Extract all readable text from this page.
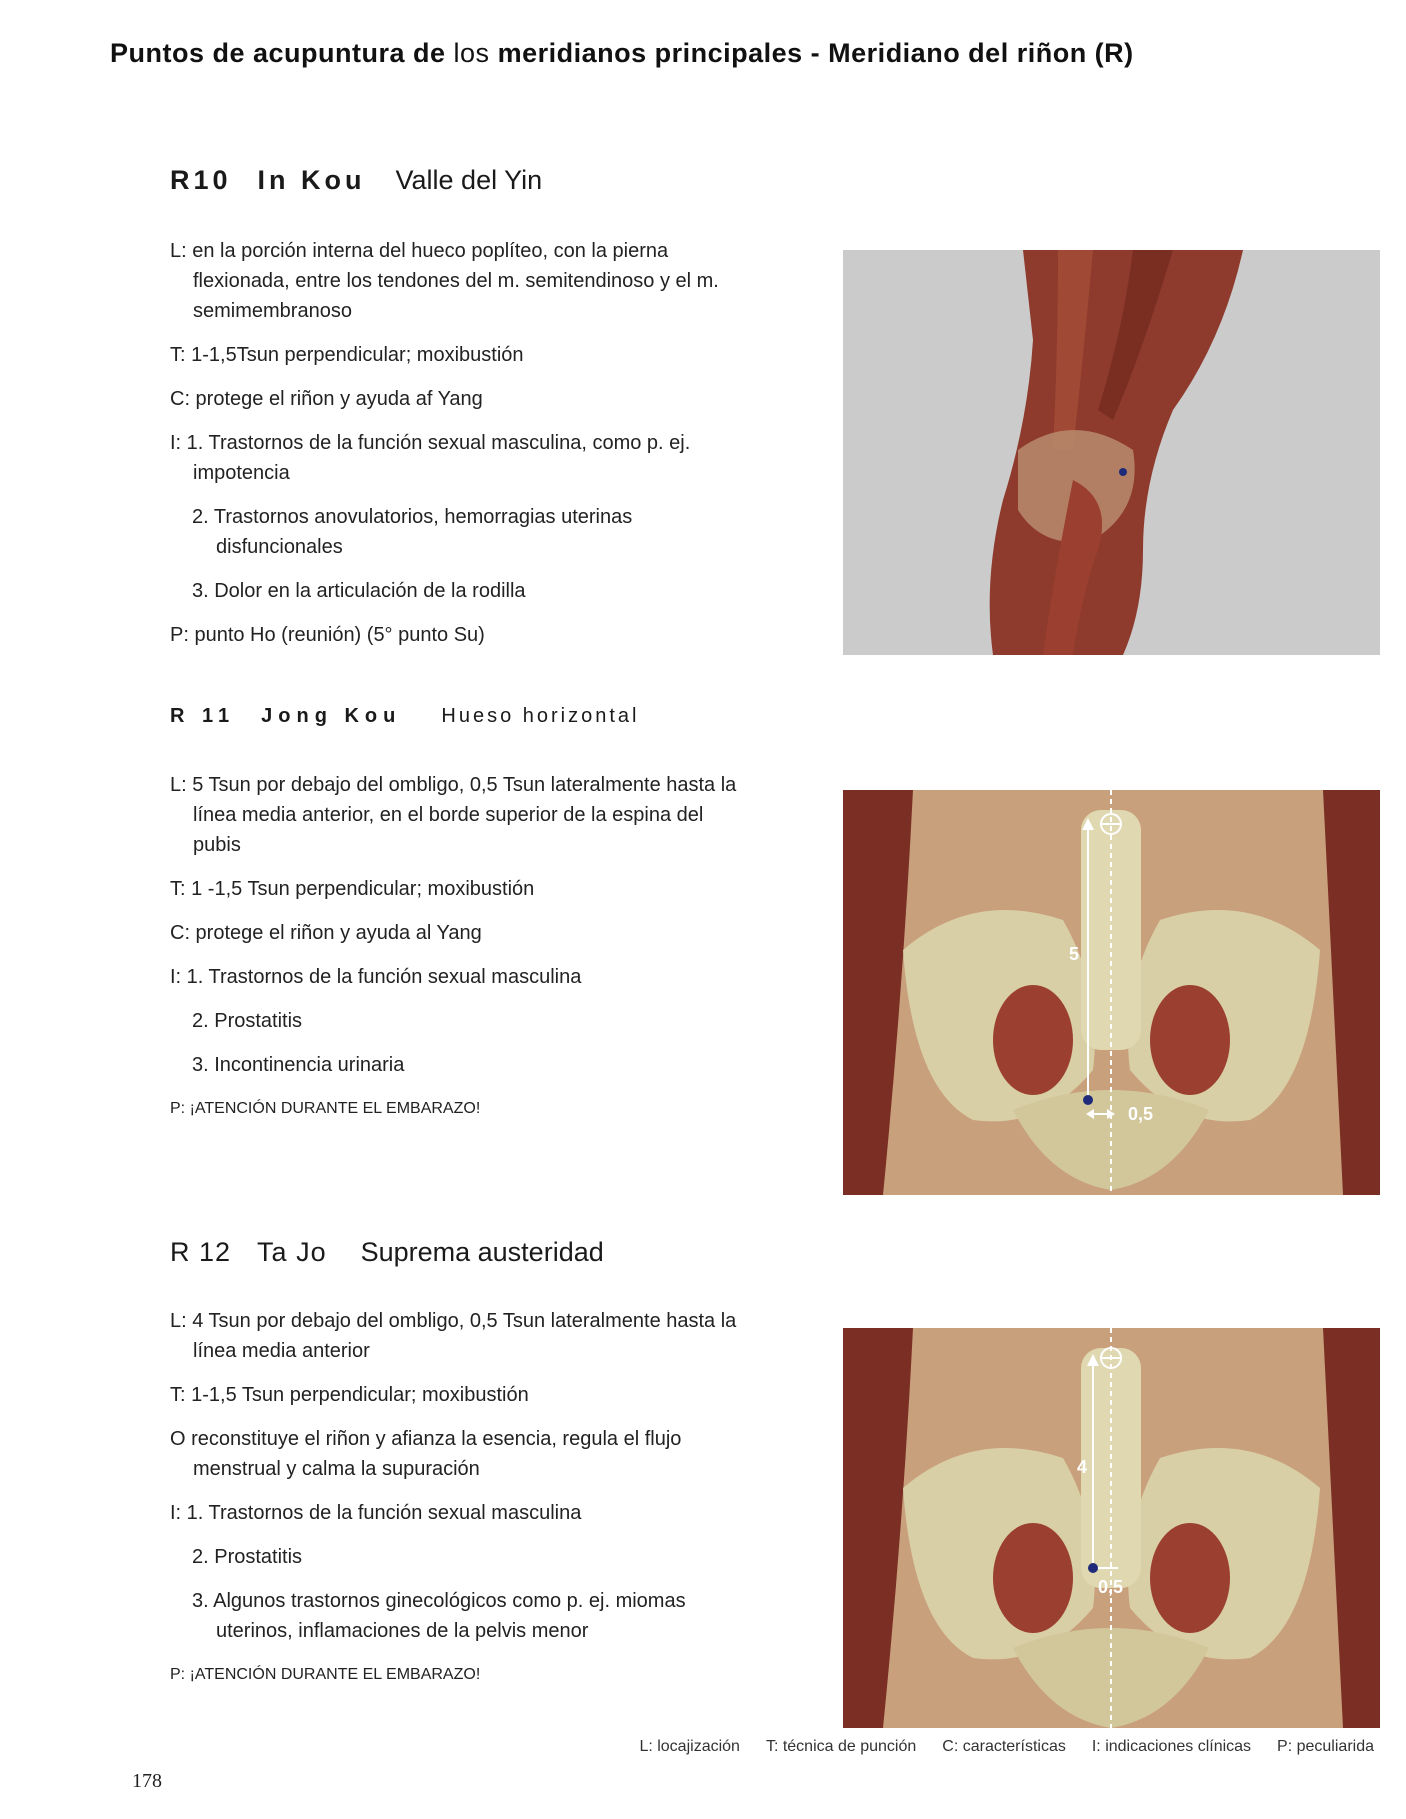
Puntos de acupuntura de los meridianos principales - Meridiano del riñon (R)
R10 In Kou Valle del Yin
L: en la porción interna del hueco poplíteo, con la pierna flexionada, entre los tendones del m. semitendinoso y el m. semimembranoso
T: 1-1,5Tsun perpendicular; moxibustión
C: protege el riñon y ayuda af Yang
I: 1. Trastornos de la función sexual masculina, como p. ej. impotencia
2. Trastornos anovulatorios, hemorragias uterinas disfuncionales
3. Dolor en la articulación de la rodilla
P: punto Ho (reunión) (5° punto Su)
R 11 Jong Kou Hueso horizontal
L: 5 Tsun por debajo del ombligo, 0,5 Tsun lateralmente hasta la línea media anterior, en el borde superior de la espina del pubis
T: 1 -1,5 Tsun perpendicular; moxibustión
C: protege el riñon y ayuda al Yang
I: 1. Trastornos de la función sexual masculina
2. Prostatitis
3. Incontinencia urinaria
P: ¡ATENCIÓN DURANTE EL EMBARAZO!
R 12 Ta Jo Suprema austeridad
L: 4 Tsun por debajo del ombligo, 0,5 Tsun lateralmente hasta la línea media anterior
T: 1-1,5 Tsun perpendicular; moxibustión
O reconstituye el riñon y afianza la esencia, regula el flujo menstrual y calma la supuración
I: 1. Trastornos de la función sexual masculina
2. Prostatitis
3. Algunos trastornos ginecológicos como p. ej. miomas uterinos, inflamaciones de la pelvis menor
P: ¡ATENCIÓN DURANTE EL EMBARAZO!
5
0,5
4
0,5
L: locajización T: técnica de punción C: características I: indicaciones clínicas P: peculiarida
178
